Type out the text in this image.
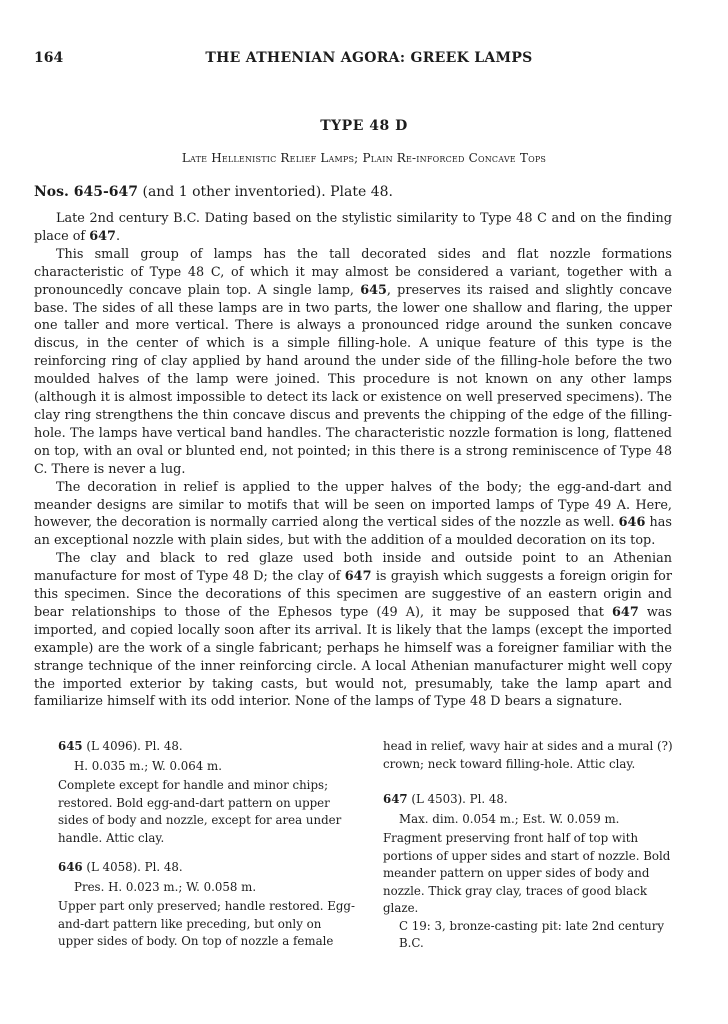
164	THE ATHENIAN AGORA: GREEK LAMPS
TYPE 48 D
Late Hellenistic Relief Lamps; Plain Re-inforced Concave Tops
Nos. 645-647 (and 1 other inventoried). Plate 48.

Late 2nd century B.C. Dating based on the stylistic similarity to Type 48 C and on the finding place of 647.

This small group of lamps has the tall decorated sides and flat nozzle formations characteristic of Type 48 C, of which it may almost be considered a variant, together with a pronouncedly concave plain top. A single lamp, 645, preserves its raised and slightly concave base. The sides of all these lamps are in two parts, the lower one shallow and flaring, the upper one taller and more vertical. There is always a pronounced ridge around the sunken concave discus, in the center of which is a simple filling-hole. A unique feature of this type is the reinforcing ring of clay applied by hand around the under side of the filling-hole before the two moulded halves of the lamp were joined. This procedure is not known on any other lamps (although it is almost impossible to detect its lack or existence on well preserved specimens). The clay ring strengthens the thin concave discus and prevents the chipping of the edge of the filling-hole. The lamps have vertical band handles. The characteristic nozzle formation is long, flattened on top, with an oval or blunted end, not pointed; in this there is a strong reminiscence of Type 48 C. There is never a lug.

The decoration in relief is applied to the upper halves of the body; the egg-and-dart and meander designs are similar to motifs that will be seen on imported lamps of Type 49 A. Here, however, the decoration is normally carried along the vertical sides of the nozzle as well. 646 has an exceptional nozzle with plain sides, but with the addition of a moulded decoration on its top.

The clay and black to red glaze used both inside and outside point to an Athenian manufacture for most of Type 48 D; the clay of 647 is grayish which suggests a foreign origin for this specimen. Since the decorations of this specimen are suggestive of an eastern origin and bear relationships to those of the Ephesos type (49 A), it may be supposed that 647 was imported, and copied locally soon after its arrival. It is likely that the lamps (except the imported example) are the work of a single fabricant; perhaps he himself was a foreigner familiar with the strange technique of the inner reinforcing circle. A local Athenian manufacturer might well copy the imported exterior by taking casts, but would not, presumably, take the lamp apart and familiarize himself with its odd interior. None of the lamps of Type 48 D bears a signature.

645 (L 4096). Pl. 48.

H. 0.035 m.; W. 0.064 m.

Complete except for handle and minor chips; restored. Bold egg-and-dart pattern on upper sides of body and nozzle, except for area under handle. Attic clay.

646 (L 4058). Pl. 48.

Pres. H. 0.023 m.; W. 0.058 m.

Upper part only preserved; handle restored. Egg-and-dart pattern like preceding, but only on upper sides of body. On top of nozzle a female

head in relief, wavy hair at sides and a mural (?) crown; neck toward filling-hole. Attic clay.

647 (L 4503). Pl. 48.

Max. dim. 0.054 m.; Est. W. 0.059 m.

Fragment preserving front half of top with portions of upper sides and start of nozzle. Bold meander pattern on upper sides of body and nozzle. Thick gray clay, traces of good black glaze.

C 19: 3, bronze-casting pit: late 2nd century B.C.
